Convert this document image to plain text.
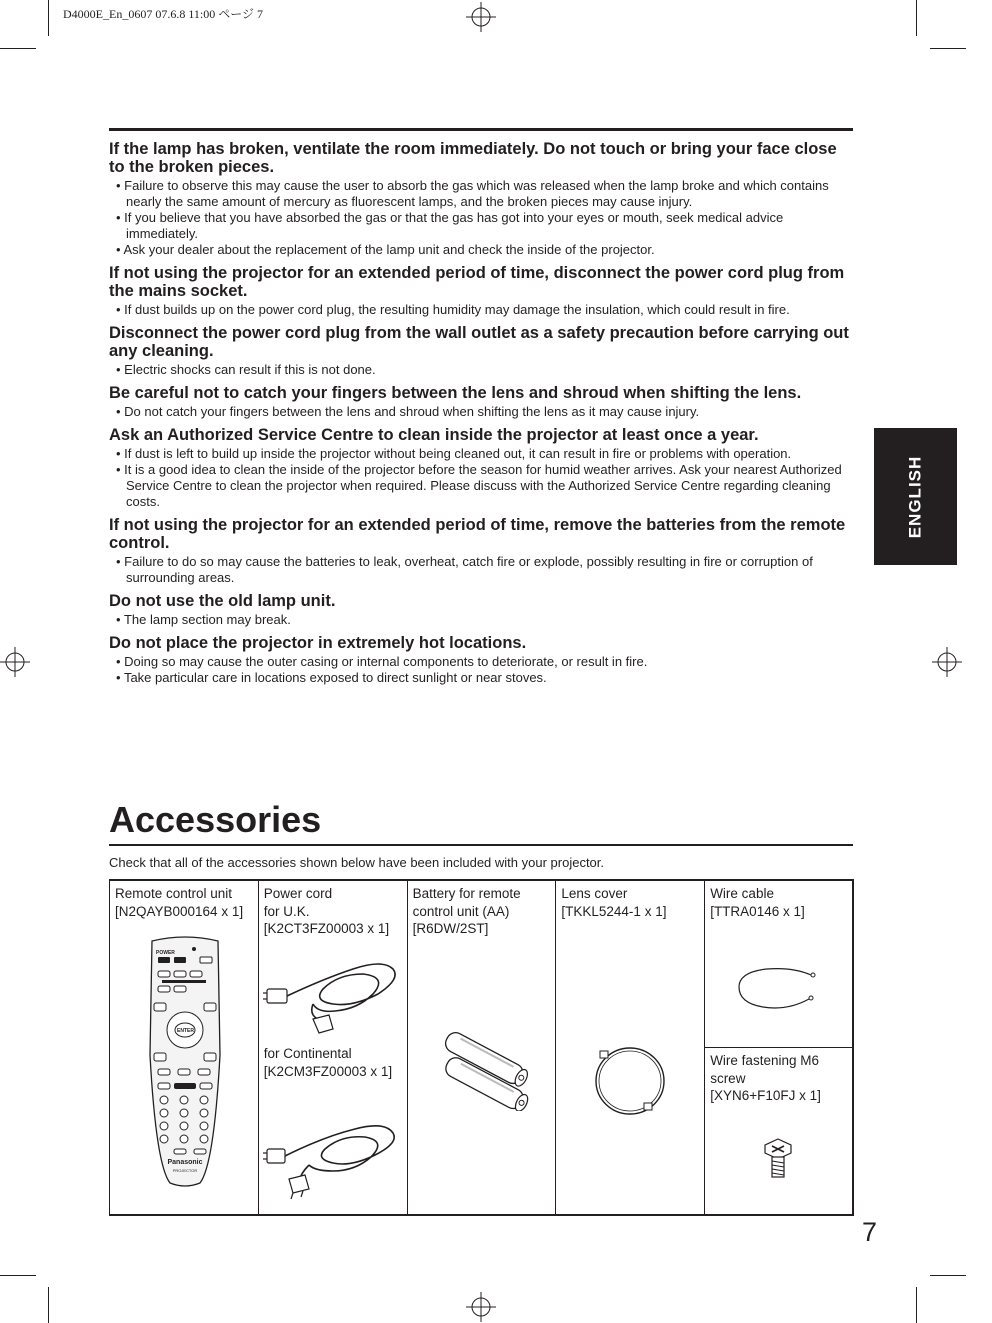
D4000E_En_0607 07.6.8 11:00 ページ 7
If the lamp has broken, ventilate the room immediately. Do not touch or bring your face close to the broken pieces.
• Failure to observe this may cause the user to absorb the gas which was released when the lamp broke and which contains nearly the same amount of mercury as fluorescent lamps, and the broken pieces may cause injury.
• If you believe that you have absorbed the gas or that the gas has got into your eyes or mouth, seek medical advice immediately.
• Ask your dealer about the replacement of the lamp unit and check the inside of the projector.
If not using the projector for an extended period of time, disconnect the power cord plug from the mains socket.
• If dust builds up on the power cord plug, the resulting humidity may damage the insulation, which could result in fire.
Disconnect the power cord plug from the wall outlet as a safety precaution before carrying out any cleaning.
• Electric shocks can result if this is not done.
Be careful not to catch your fingers between the lens and shroud when shifting the lens.
• Do not catch your fingers between the lens and shroud when shifting the lens as it may cause injury.
Ask an Authorized Service Centre to clean inside the projector at least once a year.
• If dust is left to build up inside the projector without being cleaned out, it can result in fire or problems with operation.
• It is a good idea to clean the inside of the projector before the season for humid weather arrives. Ask your nearest Authorized Service Centre to clean the projector when required. Please discuss with the Authorized Service Centre regarding cleaning costs.
If not using the projector for an extended period of time, remove the batteries from the remote control.
• Failure to do so may cause the batteries to leak, overheat, catch fire or explode, possibly resulting in fire or corruption of surrounding areas.
Do not use the old lamp unit.
• The lamp section may break.
Do not place the projector in extremely hot locations.
• Doing so may cause the outer casing or internal components to deteriorate, or result in fire.
• Take particular care in locations exposed to direct sunlight or near stoves.
ENGLISH
Accessories
Check that all of the accessories shown below have been included with your projector.
Remote control unit
[N2QAYB000164 x 1]
POWER
ENTER
Panasonic
PROJECTOR
Power cord
for U.K.
[K2CT3FZ00003 x 1]
for Continental
[K2CM3FZ00003 x 1]
Battery for remote
control unit (AA)
[R6DW/2ST]
Lens cover
[TKKL5244-1 x 1]
Wire cable
[TTRA0146 x 1]
Wire fastening M6
screw
[XYN6+F10FJ x 1]
7
